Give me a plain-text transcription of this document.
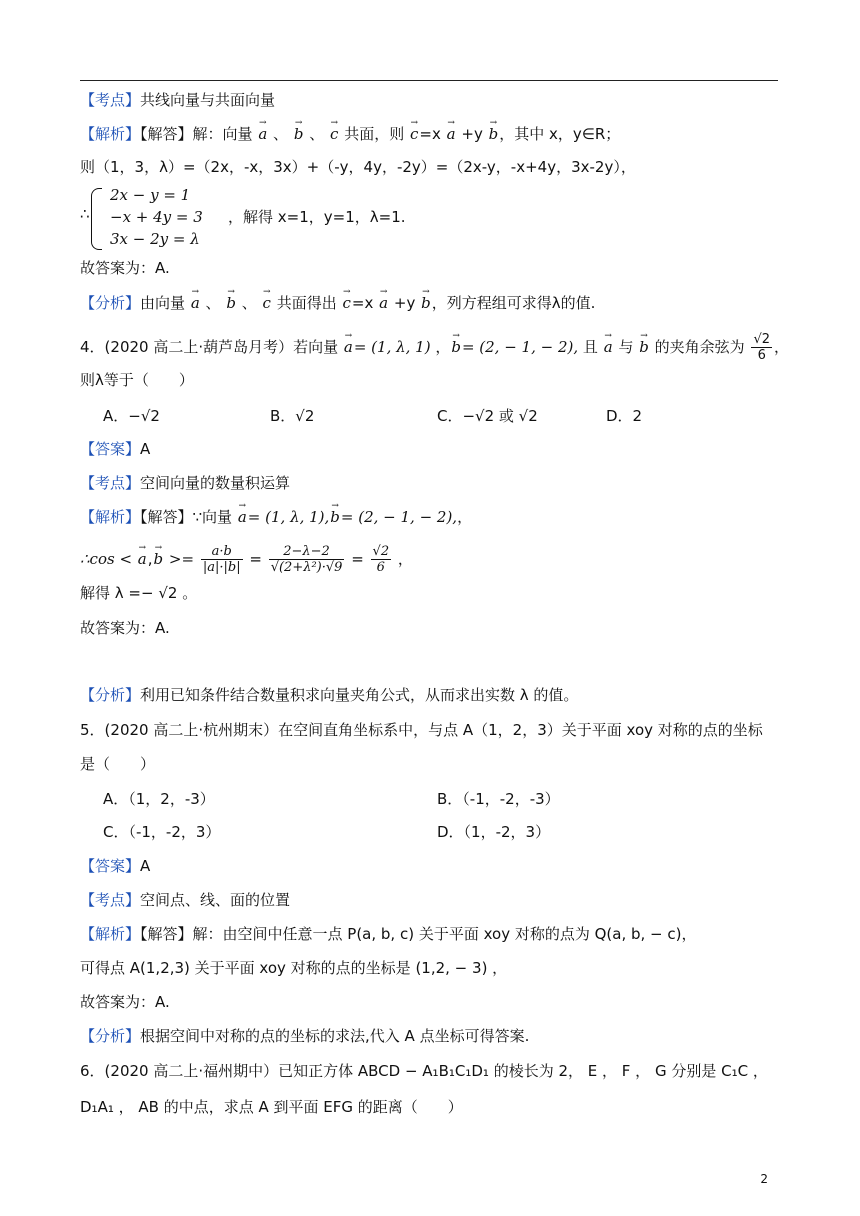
【考点】共线向量与共面向量
【解析】【解答】解：向量 → a 、 → b 、 → c 共面，则 → c=x → a +y → b，其中 x，y∈R；
则（1，3，λ）=（2x，-x，3x）+（-y，4y，-2y）=（2x-y，-x+4y，3x-2y），
∴
2x − y = 1
−x + 4y = 3
3x − 2y = λ
，解得 x=1，y=1，λ=1.
故答案为：A.
【分析】由向量 → a 、 → b 、 → c 共面得出 → c=x → a +y → b，列方程组可求得λ的值.
4．(2020 高二上·葫芦岛月考）若向量 → a= (1, λ, 1) ，→ b= (2, − 1, − 2), 且 → a 与 → b 的夹角余弦为 $\frac{√2}{6}$ ，
则λ等于（　　）
A．−√2	B．√2	C．−√2 或 √2	D．2
【答案】A
【考点】空间向量的数量积运算
【解析】【解答】∵向量 → a= (1, λ, 1),→ b= (2, − 1, − 2),，
∴cos < → $a,\to b >= \frac{a\cdot b}{|a|\cdot|b|} = \frac{2-\lambda-2}{\text{√(2+λ²)·√9}} = \frac{√2}{6}$ ，
解得 λ =− √2 。
故答案为：A.
【分析】利用已知条件结合数量积求向量夹角公式，从而求出实数 λ 的值。
5．(2020 高二上·杭州期末）在空间直角坐标系中，与点 A（1，2，3）关于平面 xoy 对称的点的坐标
是（　　）
A．（1，2，-3）	B．（-1，-2，-3）
C．（-1，-2，3）	D．（1，-2，3）
【答案】A
【考点】空间点、线、面的位置
【解析】【解答】解：由空间中任意一点 P(a, b, c) 关于平面 xoy 对称的点为 Q(a, b, − c)，
可得点 A(1,2,3) 关于平面 xoy 对称的点的坐标是 (1,2, − 3) ，
故答案为：A.
【分析】根据空间中对称的点的坐标的求法,代入 A 点坐标可得答案.
6．(2020 高二上·福州期中）已知正方体 ABCD − A₁B₁C₁D₁ 的棱长为 2， E ， F ， G 分别是 C₁C ，
D₁A₁ ， AB 的中点，求点 A 到平面 EFG 的距离（　　）
2
